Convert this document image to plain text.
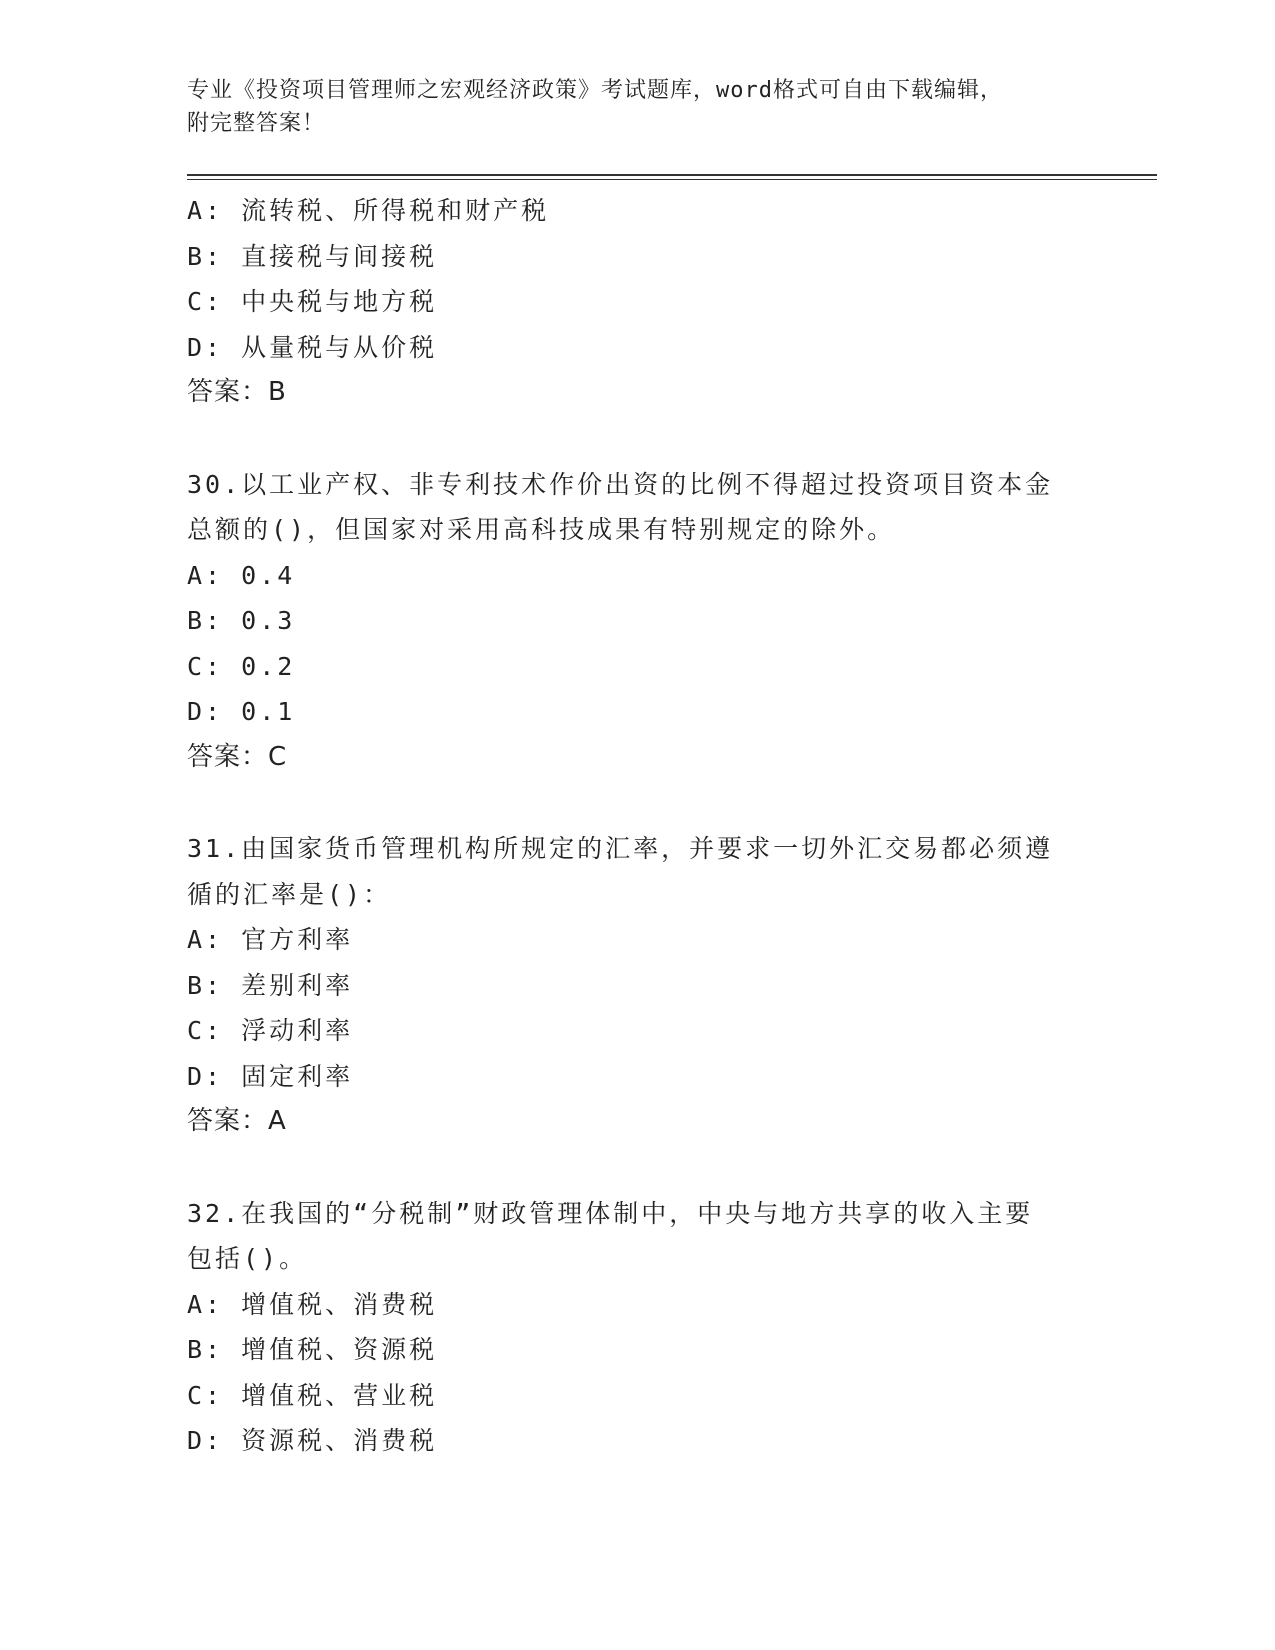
专业《投资项目管理师之宏观经济政策》考试题库，word格式可自由下载编辑，

附完整答案！

A: 流转税、所得税和财产税

B: 直接税与间接税

C: 中央税与地方税

D: 从量税与从价税

答案：B

30.以工业产权、非专利技术作价出资的比例不得超过投资项目资本金

总额的()，但国家对采用高科技成果有特别规定的除外。

A: 0.4

B: 0.3

C: 0.2

D: 0.1

答案：C

31.由国家货币管理机构所规定的汇率，并要求一切外汇交易都必须遵

循的汇率是()：

A: 官方利率

B: 差别利率

C: 浮动利率

D: 固定利率

答案：A

32.在我国的“分税制”财政管理体制中，中央与地方共享的收入主要

包括()。

A: 增值税、消费税

B: 增值税、资源税

C: 增值税、营业税

D: 资源税、消费税
